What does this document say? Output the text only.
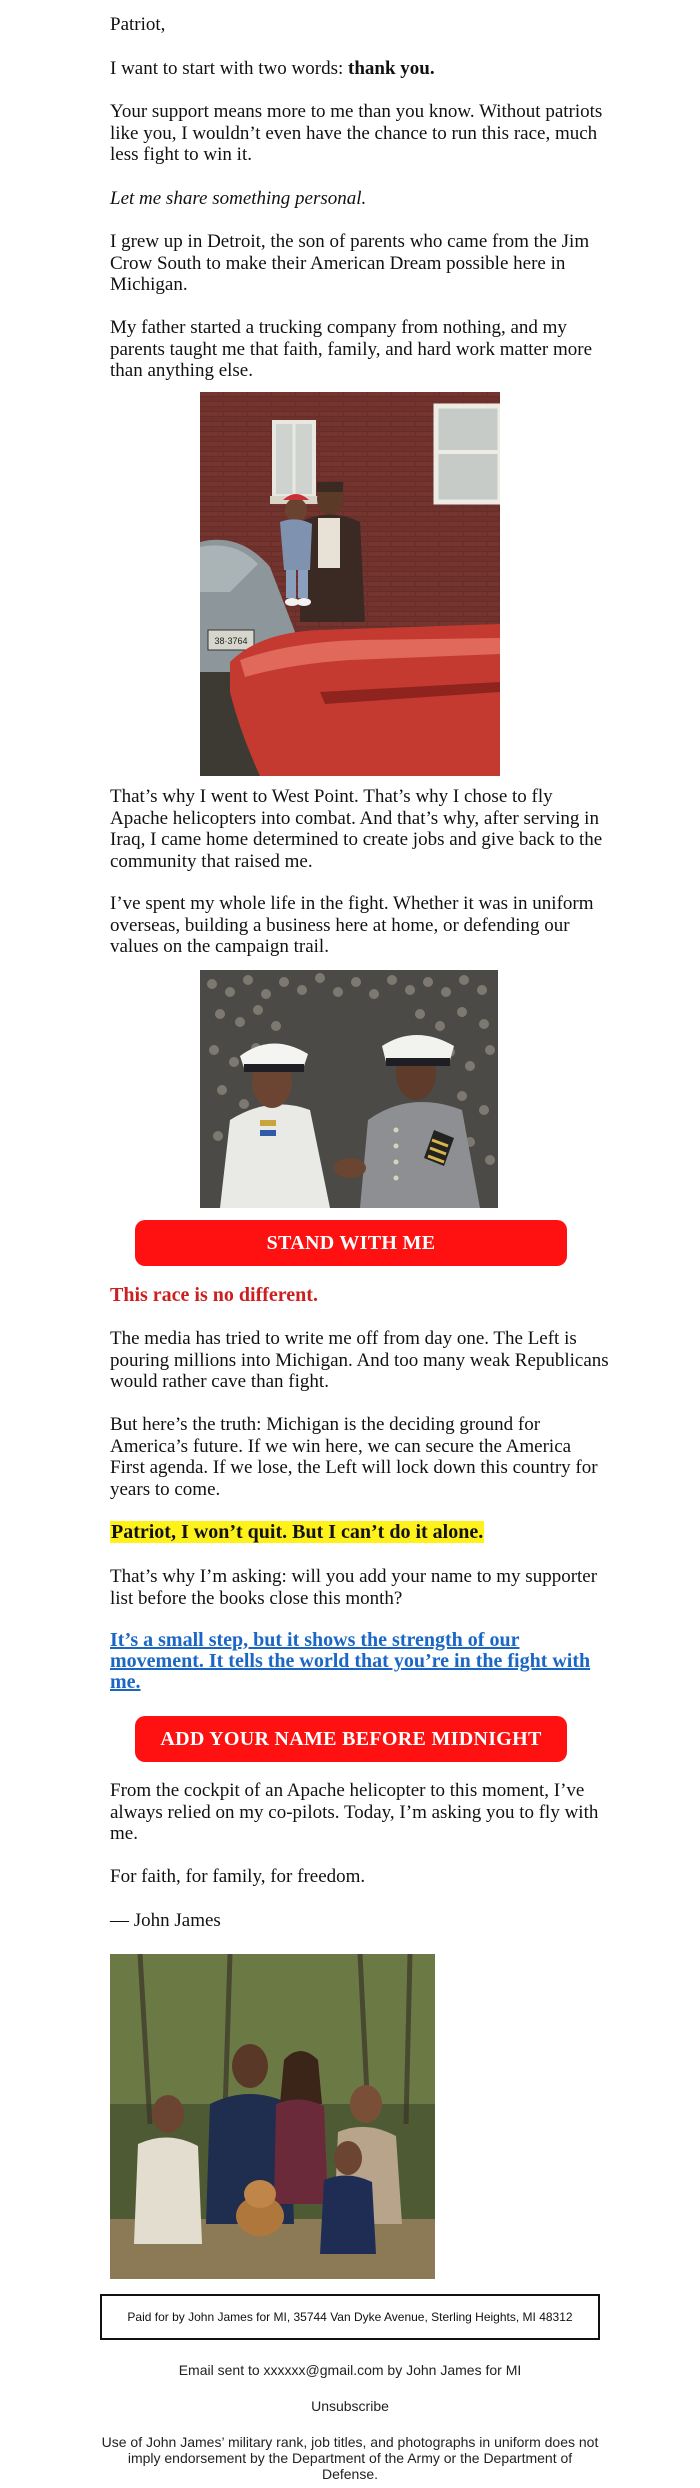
Patriot,

I want to start with two words: thank you.

Your support means more to me than you know. Without patriots like you, I wouldn’t even have the chance to run this race, much less fight to win it.

Let me share something personal.

I grew up in Detroit, the son of parents who came from the Jim Crow South to make their American Dream possible here in Michigan.

My father started a trucking company from nothing, and my parents taught me that faith, family, and hard work matter more than anything else.

38·3764

That’s why I went to West Point. That’s why I chose to fly Apache helicopters into combat. And that’s why, after serving in Iraq, I came home determined to create jobs and give back to the community that raised me.

I’ve spent my whole life in the fight. Whether it was in uniform overseas, building a business here at home, or defending our values on the campaign trail.

STAND WITH ME

This race is no different.

The media has tried to write me off from day one. The Left is pouring millions into Michigan. And too many weak Republicans would rather cave than fight.

But here’s the truth: Michigan is the deciding ground for America’s future. If we win here, we can secure the America First agenda. If we lose, the Left will lock down this country for years to come.

Patriot, I won’t quit. But I can’t do it alone.

That’s why I’m asking: will you add your name to my supporter list before the books close this month?

It’s a small step, but it shows the strength of our movement. It tells the world that you’re in the fight with me.

ADD YOUR NAME BEFORE MIDNIGHT

From the cockpit of an Apache helicopter to this moment, I’ve always relied on my co-pilots. Today, I’m asking you to fly with me.

For faith, for family, for freedom.

— John James

Paid for by John James for MI, 35744 Van Dyke Avenue, Sterling Heights, MI 48312
Email sent to xxxxxx@gmail.com by John James for MI
Unsubscribe
Use of John James’ military rank, job titles, and photographs in uniform does not imply endorsement by the Department of the Army or the Department of Defense.
